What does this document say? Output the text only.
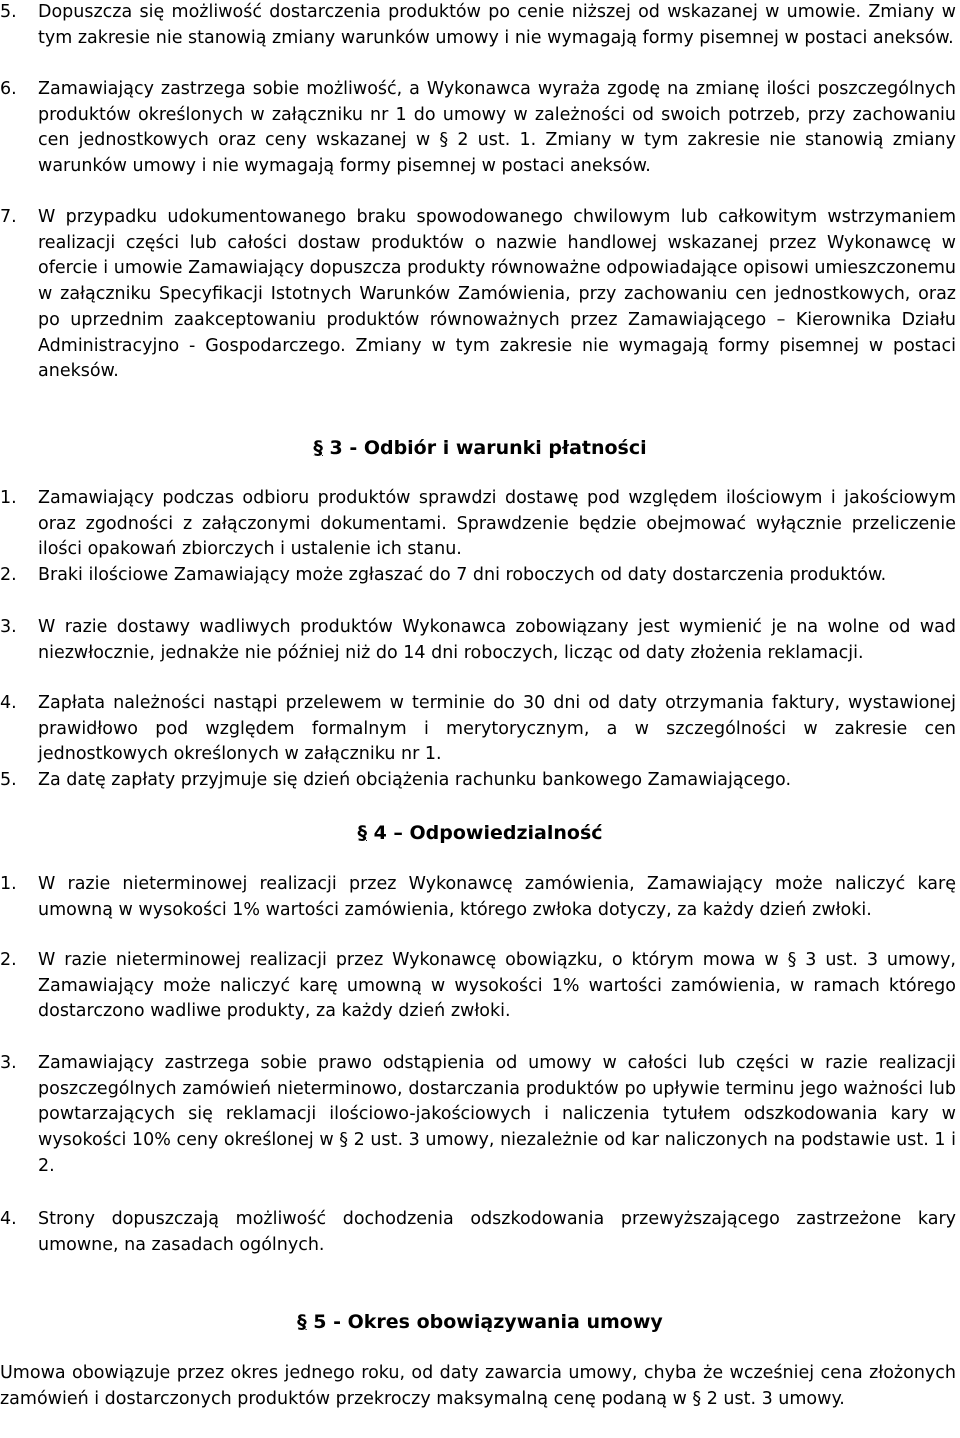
5.	Dopuszcza się możliwość dostarczenia produktów po cenie niższej od wskazanej w umowie. Zmiany w tym zakresie nie stanowią zmiany warunków umowy i nie wymagają formy pisemnej w postaci aneksów.
6.	Zamawiający zastrzega sobie możliwość, a Wykonawca wyraża zgodę na zmianę ilości poszczególnych produktów określonych w załączniku nr 1 do umowy w zależności od swoich potrzeb, przy zachowaniu cen jednostkowych oraz ceny wskazanej w § 2 ust. 1. Zmiany w tym zakresie nie stanowią zmiany warunków umowy i nie wymagają formy pisemnej w postaci aneksów.
7.	W przypadku udokumentowanego braku spowodowanego chwilowym lub całkowitym wstrzymaniem realizacji części lub całości dostaw produktów o nazwie handlowej wskazanej przez Wykonawcę w ofercie i umowie Zamawiający dopuszcza produkty równoważne odpowiadające opisowi umieszczonemu w załączniku Specyfikacji Istotnych Warunków Zamówienia, przy zachowaniu cen jednostkowych, oraz po uprzednim zaakceptowaniu produktów równoważnych przez Zamawiającego – Kierownika Działu Administracyjno - Gospodarczego. Zmiany w tym zakresie nie wymagają formy pisemnej w postaci aneksów.
§ 3 - Odbiór i warunki płatności
1.	Zamawiający podczas odbioru produktów sprawdzi dostawę pod względem ilościowym i jakościowym oraz zgodności z załączonymi dokumentami. Sprawdzenie będzie obejmować wyłącznie przeliczenie ilości opakowań zbiorczych i ustalenie ich stanu.
2.	Braki ilościowe Zamawiający może zgłaszać do 7 dni roboczych od daty dostarczenia produktów.
3.	W razie dostawy wadliwych produktów Wykonawca zobowiązany jest wymienić je na wolne od wad niezwłocznie, jednakże nie później niż do 14 dni roboczych, licząc od daty złożenia reklamacji.
4.	Zapłata należności nastąpi przelewem w terminie do 30 dni od daty otrzymania faktury, wystawionej prawidłowo pod względem formalnym i merytorycznym, a w szczególności w zakresie cen jednostkowych określonych w załączniku nr 1.
5.	Za datę zapłaty przyjmuje się dzień obciążenia rachunku bankowego Zamawiającego.
§ 4 – Odpowiedzialność
1.	W razie nieterminowej realizacji przez Wykonawcę zamówienia, Zamawiający może naliczyć karę umowną w wysokości 1% wartości zamówienia, którego zwłoka dotyczy, za każdy dzień zwłoki.
2.	W razie nieterminowej realizacji przez Wykonawcę obowiązku, o którym mowa w § 3 ust. 3 umowy, Zamawiający może naliczyć karę umowną w wysokości 1% wartości zamówienia, w ramach którego dostarczono wadliwe produkty, za każdy dzień zwłoki.
3.	Zamawiający zastrzega sobie prawo odstąpienia od umowy w całości lub części w razie realizacji poszczególnych zamówień nieterminowo, dostarczania produktów po upływie terminu jego ważności lub powtarzających się reklamacji ilościowo-jakościowych i naliczenia tytułem odszkodowania kary w wysokości 10% ceny określonej w § 2 ust. 3 umowy, niezależnie od kar naliczonych na podstawie ust. 1 i 2.
4.	Strony dopuszczają możliwość dochodzenia odszkodowania przewyższającego zastrzeżone kary umowne, na zasadach ogólnych.
§ 5 - Okres obowiązywania umowy

Umowa obowiązuje przez okres jednego roku, od daty zawarcia umowy, chyba że wcześniej cena złożonych zamówień i dostarczonych produktów przekroczy maksymalną cenę podaną w § 2 ust. 3 umowy.
